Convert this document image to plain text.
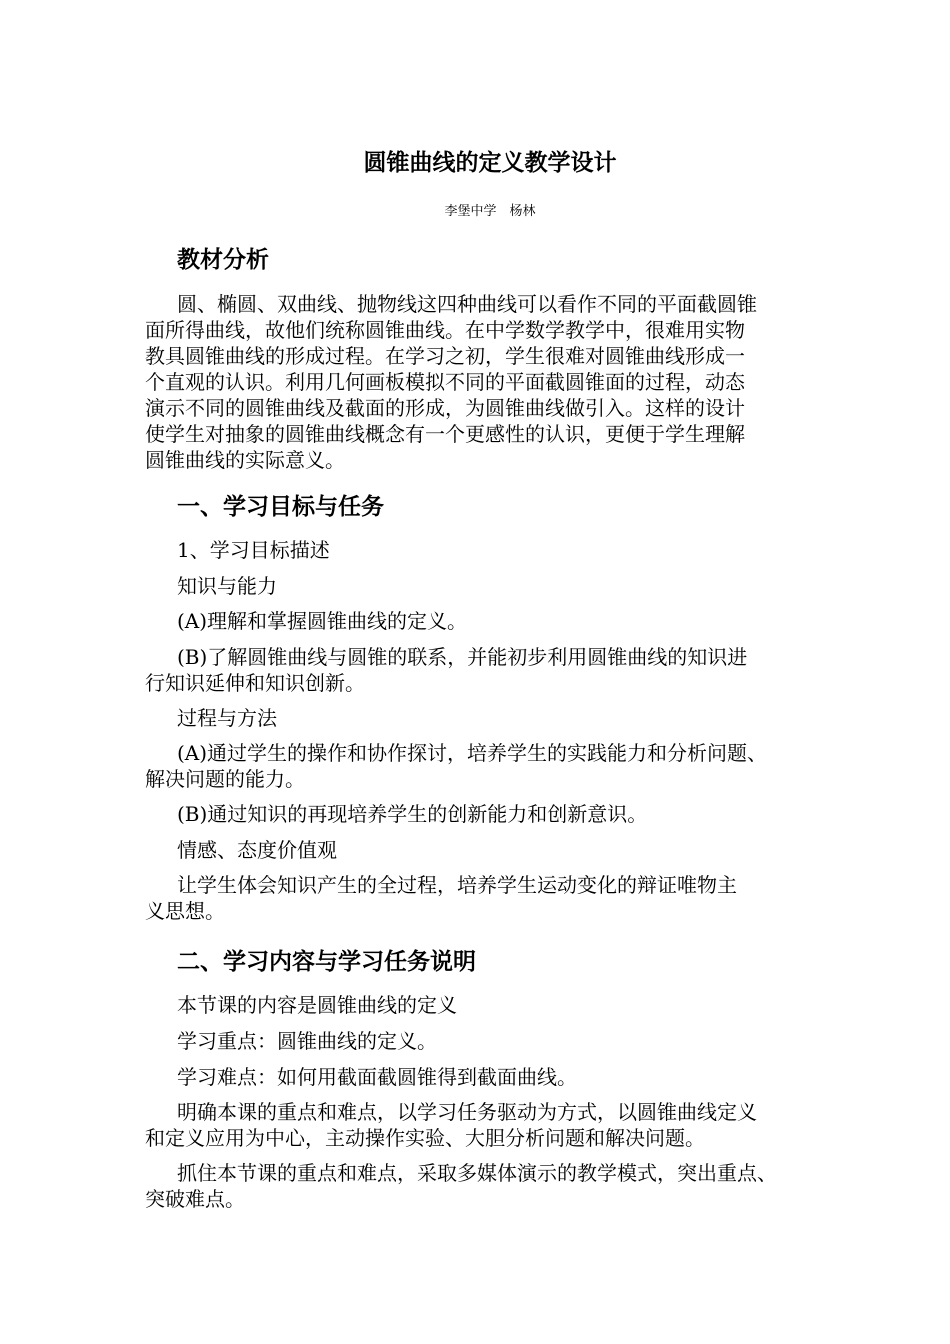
圆锥曲线的定义教学设计
李堡中学　杨林
教材分析
圆、椭圆、双曲线、抛物线这四种曲线可以看作不同的平面截圆锥
面所得曲线，故他们统称圆锥曲线。在中学数学教学中，很难用实物
教具圆锥曲线的形成过程。在学习之初，学生很难对圆锥曲线形成一
个直观的认识。利用几何画板模拟不同的平面截圆锥面的过程，动态
演示不同的圆锥曲线及截面的形成，为圆锥曲线做引入。这样的设计
使学生对抽象的圆锥曲线概念有一个更感性的认识，更便于学生理解
圆锥曲线的实际意义。
一、学习目标与任务
1、学习目标描述
知识与能力
(A)理解和掌握圆锥曲线的定义。
(B)了解圆锥曲线与圆锥的联系，并能初步利用圆锥曲线的知识进
行知识延伸和知识创新。
过程与方法
(A)通过学生的操作和协作探讨，培养学生的实践能力和分析问题、
解决问题的能力。
(B)通过知识的再现培养学生的创新能力和创新意识。
情感、态度价值观
让学生体会知识产生的全过程，培养学生运动变化的辩证唯物主
义思想。
二、学习内容与学习任务说明
本节课的内容是圆锥曲线的定义
学习重点：圆锥曲线的定义。
学习难点：如何用截面截圆锥得到截面曲线。
明确本课的重点和难点，以学习任务驱动为方式，以圆锥曲线定义
和定义应用为中心，主动操作实验、大胆分析问题和解决问题。
抓住本节课的重点和难点，采取多媒体演示的教学模式，突出重点、
突破难点。
